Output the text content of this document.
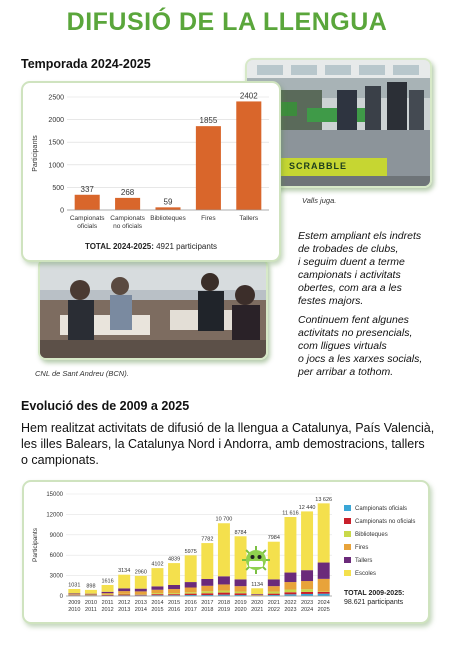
DIFUSIÓ DE LA LLENGUA
Temporada 2024-2025
SCRABBLE
Valls juga.
CNL de Sant Andreu (BCN).
0
500
1000
1500
2000
2500
Participants
337
Campionats
oficials
268
Campionats
no oficials
59
Biblioteques
1855
Fires
2402
Tallers
TOTAL 2024-2025: 4921 participants
Estem ampliant els indrets
de trobades de clubs,
i seguim duent a terme
campionats i activitats
obertes, com ara a les
festes majors.
Continuem fent algunes
activitats no presencials,
com lligues virtuals
o jocs a les xarxes socials,
per arribar a tothom.
Evolució des de 2009 a 2025
Hem realitzat activitats de difusió de la llengua a Catalunya, País Valencià,
les illes Balears, la Catalunya Nord i Andorra, amb demostracions, tallers
o campionats.
0
3000
6000
9000
12000
15000
Participants
1031
2009
2010
898
2010
2011
1616
2011
2012
3134
2012
2013
2960
2013
2014
4102
2014
2015
4839
2015
2016
5975
2016
2017
7782
2017
2018
10 700
2018
2019
8784
2019
2020
1134
2020
2021
7984
2021
2022
11 616
2022
2023
12 440
2023
2024
13 626
2024
2025
Campionats oficials
Campionats no oficials
Biblioteques
Fires
Tallers
Escoles
TOTAL 2009-2025:
98.621 participants
